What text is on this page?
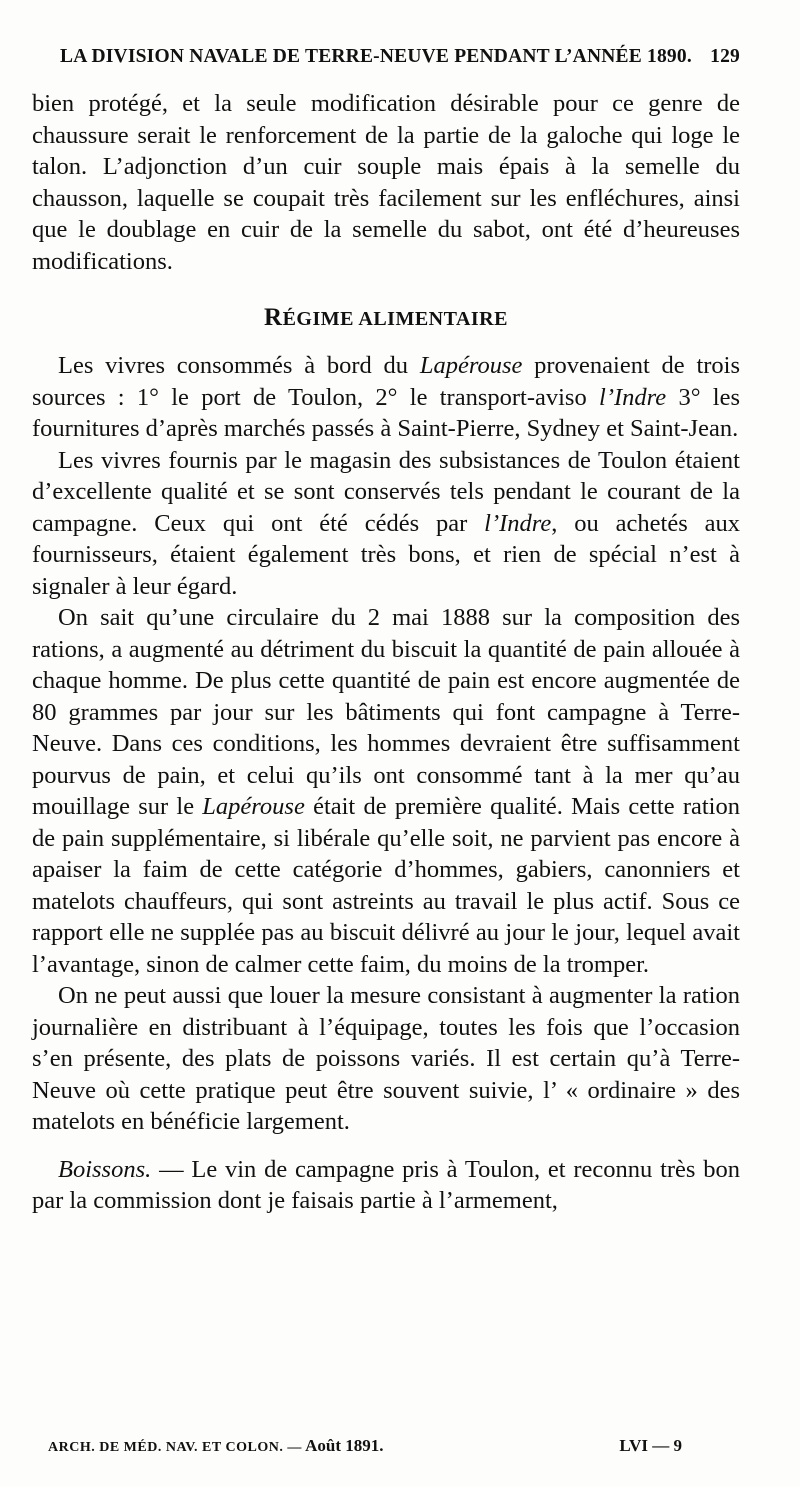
LA DIVISION NAVALE DE TERRE-NEUVE PENDANT L’ANNÉE 1890. 129

bien protégé, et la seule modification désirable pour ce genre de chaussure serait le renforcement de la partie de la galoche qui loge le talon. L’adjonction d’un cuir souple mais épais à la semelle du chausson, laquelle se coupait très facilement sur les enfléchures, ainsi que le doublage en cuir de la semelle du sabot, ont été d’heureuses modifications.

RÉGIME ALIMENTAIRE

Les vivres consommés à bord du Lapérouse provenaient de trois sources : 1° le port de Toulon, 2° le transport-aviso l’Indre 3° les fournitures d’après marchés passés à Saint-Pierre, Sydney et Saint-Jean.

Les vivres fournis par le magasin des subsistances de Toulon étaient d’excellente qualité et se sont conservés tels pendant le courant de la campagne. Ceux qui ont été cédés par l’Indre, ou achetés aux fournisseurs, étaient également très bons, et rien de spécial n’est à signaler à leur égard.

On sait qu’une circulaire du 2 mai 1888 sur la composition des rations, a augmenté au détriment du biscuit la quantité de pain allouée à chaque homme. De plus cette quantité de pain est encore augmentée de 80 grammes par jour sur les bâtiments qui font campagne à Terre-Neuve. Dans ces conditions, les hommes devraient être suffisamment pourvus de pain, et celui qu’ils ont consommé tant à la mer qu’au mouillage sur le Lapérouse était de première qualité. Mais cette ration de pain supplémentaire, si libérale qu’elle soit, ne parvient pas encore à apaiser la faim de cette catégorie d’hommes, gabiers, canonniers et matelots chauffeurs, qui sont astreints au travail le plus actif. Sous ce rapport elle ne supplée pas au biscuit délivré au jour le jour, lequel avait l’avantage, sinon de calmer cette faim, du moins de la tromper.

On ne peut aussi que louer la mesure consistant à augmenter la ration journalière en distribuant à l’équipage, toutes les fois que l’occasion s’en présente, des plats de poissons variés. Il est certain qu’à Terre-Neuve où cette pratique peut être souvent suivie, l’ « ordinaire » des matelots en bénéficie largement.

Boissons. — Le vin de campagne pris à Toulon, et reconnu très bon par la commission dont je faisais partie à l’armement,

ARCH. DE MÉD. NAV. ET COLON. — Août 1891.	LVI — 9
